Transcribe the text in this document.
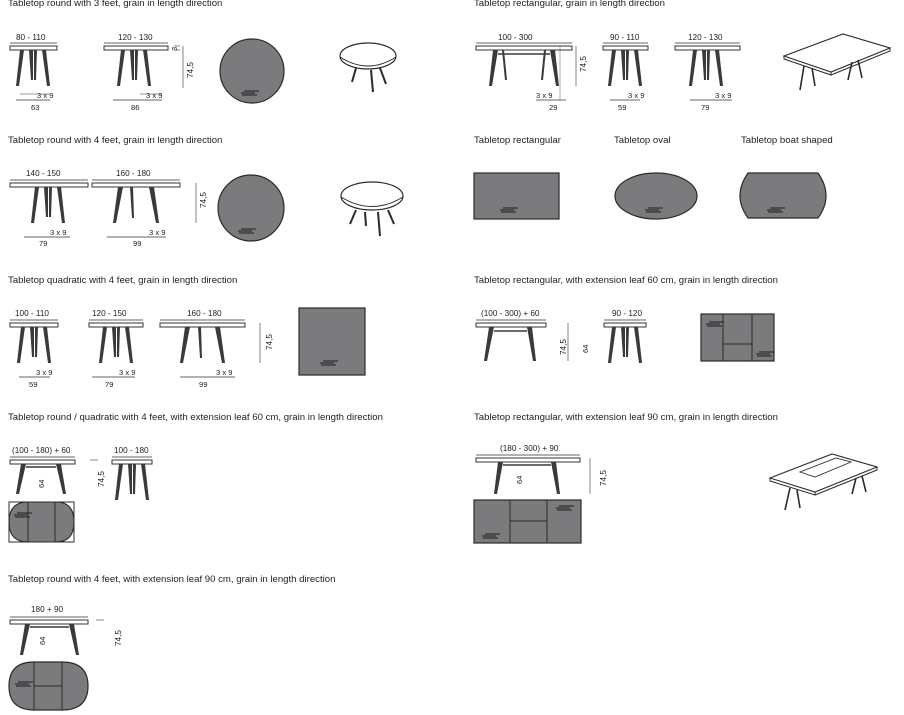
Tabletop round with 3 feet, grain in length direction	Tabletop rectangular, grain in length direction
Tabletop round with 4 feet, grain in length direction	Tabletop rectangular	Tabletop oval	Tabletop boat shaped
Tabletop quadratic with 4 feet, grain in length direction	Tabletop rectangular, with extension leaf 60 cm, grain in length direction
Tabletop round / quadratic with 4 feet, with extension leaf 60 cm, grain in length direction	Tabletop rectangular, with extension leaf 90 cm, grain in length direction
Tabletop round with 4 feet, with extension leaf 90 cm, grain in length direction
80 - 110
3 x 9
63
120 - 130
3 x 9
86
3
74,5
100 - 300
3 x 9
29
74,5
90 - 110
3 x 9
59
120 - 130
3 x 9
79
140 - 150
3 x 9
79
160 - 180
3 x 9
99
74,5
100 - 110
3 x 9
59
120 - 150
3 x 9
79
160 - 180
3 x 9
99
74,5
(100 - 300) + 60
74,5 64
90 - 120
(100 - 180) + 60
64
100 - 180
74,5
(180 - 300) + 90
64	74,5
180 + 90
64	74,5
